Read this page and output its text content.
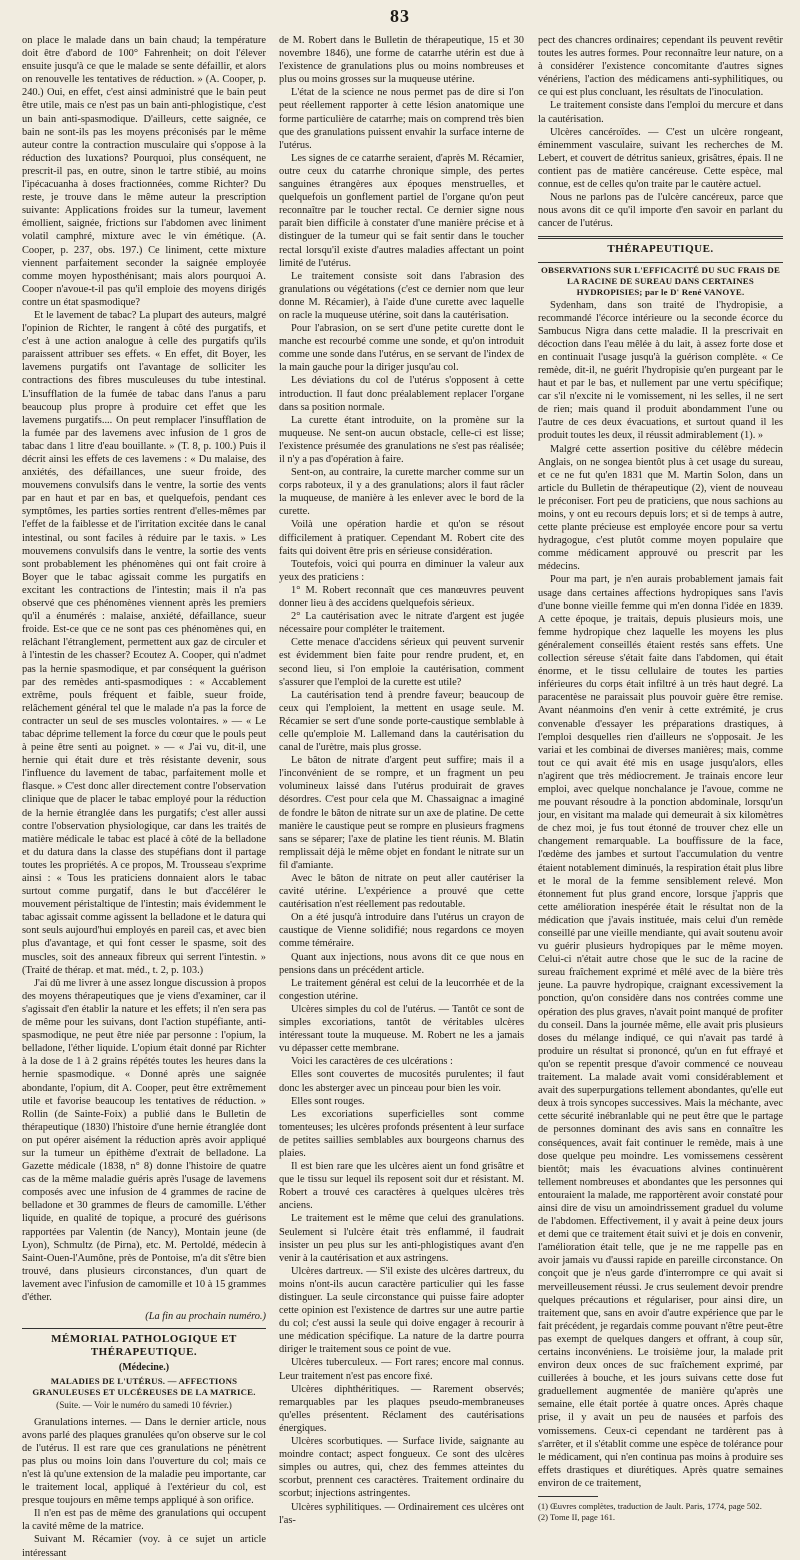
83

on place le malade dans un bain chaud; la température doit être d'abord de 100° Fahrenheit; on doit l'élever ensuite jusqu'à ce que le malade se sente défaillir, et alors on renouvelle les tentatives de réduction. » (A. Cooper, p. 240.) Oui, en effet, c'est ainsi administré que le bain peut être utile, mais ce n'est pas un bain anti-phlogistique, c'est un bain anti-spasmodique. D'ailleurs, cette saignée, ce bain ne sont-ils pas les moyens préconisés par le même auteur contre la contraction musculaire qui s'oppose à la réduction des luxations? Pourquoi, plus conséquent, ne prescrit-il pas, en outre, sinon le tartre stibié, au moins l'ipécacuanha à doses fractionnées, comme Richter? Du reste, je trouve dans le même auteur la prescription suivante: Applications froides sur la tumeur, lavement émollient, saignée, frictions sur l'abdomen avec liniment volatil camphré, mixture avec le vin émétique. (A. Cooper, p. 237, obs. 197.) Ce liniment, cette mixture viennent parfaitement seconder la saignée employée comme moyen hyposthénisant; mais alors pourquoi A. Cooper n'avoue-t-il pas qu'il emploie des moyens dirigés contre un état spasmodique?

Et le lavement de tabac? La plupart des auteurs, malgré l'opinion de Richter, le rangent à côté des purgatifs, et c'est à une action analogue à celle des purgatifs qu'ils paraissent attribuer ses effets. « En effet, dit Boyer, les lavemens purgatifs ont l'avantage de solliciter les contractions des fibres musculeuses du tube intestinal. L'insufflation de la fumée de tabac dans l'anus a paru beaucoup plus propre à produire cet effet que les lavemens purgatifs.... On peut remplacer l'insufflation de la fumée par des lavemens avec infusion de 1 gros de tabac dans 1 litre d'eau bouillante. » (T. 8, p. 100.) Puis il décrit ainsi les effets de ces lavemens : « Du malaise, des anxiétés, des défaillances, une sueur froide, des mouvemens convulsifs dans le ventre, la sortie des vents par en haut et par en bas, et quelquefois, pendant ces symptômes, les parties sorties rentrent d'elles-mêmes par l'effet de la faiblesse et de l'irritation excitée dans le canal intestinal, ou sont faciles à réduire par le taxis. » Les mouvemens convulsifs dans le ventre, la sortie des vents sont probablement les phénomènes qui ont fait croire à Boyer que le tabac agissait comme les purgatifs en excitant les contractions de l'intestin; mais il n'a pas observé que ces phénomènes viennent après les premiers qu'il a énumérés : malaise, anxiété, défaillance, sueur froide. Est-ce que ce ne sont pas ces phénomènes qui, en relâchant l'étranglement, permettent aux gaz de circuler et à l'intestin de les chasser? Ecoutez A. Cooper, qui n'admet pas la hernie spasmodique, et par conséquent la guérison par des remèdes anti-spasmodiques : « Accablement extrême, pouls fréquent et faible, sueur froide, relâchement général tel que le malade n'a pas la force de contracter un seul de ses muscles volontaires. » — « Le tabac déprime tellement la force du cœur que le pouls peut à peine être senti au poignet. » — « J'ai vu, dit-il, une hernie qui était dure et très résistante devenir, sous l'influence du lavement de tabac, parfaitement molle et flasque. » C'est donc aller directement contre l'observation clinique que de placer le tabac employé pour la réduction de la hernie étranglée dans les purgatifs; c'est aller aussi contre l'observation physiologique, car dans les traités de matière médicale le tabac est placé à côté de la belladone et du datura dans la classe des stupéfians dont il partage toutes les propriétés. A ce propos, M. Trousseau s'exprime ainsi : « Tous les praticiens donnaient alors le tabac surtout comme purgatif, dans le but d'accélérer le mouvement péristaltique de l'intestin; mais évidemment le tabac agissait comme agissent la belladone et le datura qui sont seuls aujourd'hui employés en pareil cas, et avec bien plus d'avantage, et qui font cesser le spasme, soit des muscles, soit des anneaux fibreux qui serrent l'intestin. » (Traité de thérap. et mat. méd., t. 2, p. 103.)

J'ai dû me livrer à une assez longue discussion à propos des moyens thérapeutiques que je viens d'examiner, car il s'agissait d'en établir la nature et les effets; il n'en sera pas de même pour les suivans, dont l'action stupéfiante, anti-spasmodique, ne peut être niée par personne : l'opium, la belladone, l'éther liquide. L'opium était donné par Richter à la dose de 1 à 2 grains répétés toutes les heures dans la hernie spasmodique. « Donné après une saignée abondante, l'opium, dit A. Cooper, peut être extrêmement utile et favorise beaucoup les tentatives de réduction. » Rollin (de Sainte-Foix) a publié dans le Bulletin de thérapeutique (1830) l'histoire d'une hernie étranglée dont on put opérer aisément la réduction après avoir appliqué sur la tumeur un épithème d'extrait de belladone. La Gazette médicale (1838, n° 8) donne l'histoire de quatre cas de la même maladie guéris après l'usage de lavemens composés avec une infusion de 4 grammes de racine de belladone et 30 grammes de fleurs de camomille. L'éther liquide, en qualité de topique, a procuré des guérisons rapportées par Valentin (de Nancy), Montain jeune (de Lyon), Schmultz (de Pirna), etc. M. Pertoldé, médecin à Saint-Ouen-l'Aumône, près de Pontoise, m'a dit s'être bien trouvé, dans plusieurs circonstances, d'un quart de lavement avec l'infusion de camomille et 10 à 15 grammes d'éther.

(La fin au prochain numéro.)
MÉMORIAL PATHOLOGIQUE ET THÉRAPEUTIQUE.
(Médecine.)
MALADIES DE L'UTÉRUS. — AFFECTIONS GRANULEUSES ET ULCÉREUSES DE LA MATRICE.
(Suite. — Voir le numéro du samedi 10 février.)

Granulations internes. — Dans le dernier article, nous avons parlé des plaques granulées qu'on observe sur le col de l'utérus. Il est rare que ces granulations ne pénètrent pas plus ou moins loin dans l'ouverture du col; mais ce n'est là qu'une extension de la maladie peu importante, car le traitement local, appliqué à l'extérieur du col, est presque toujours en même temps appliqué à son orifice.

Il n'en est pas de même des granulations qui occupent la cavité même de la matrice.

Suivant M. Récamier (voy. à ce sujet un article intéressant

de M. Robert dans le Bulletin de thérapeutique, 15 et 30 novembre 1846), une forme de catarrhe utérin est due à l'existence de granulations plus ou moins nombreuses et plus ou moins grosses sur la muqueuse utérine.

L'état de la science ne nous permet pas de dire si l'on peut réellement rapporter à cette lésion anatomique une forme particulière de catarrhe; mais on comprend très bien que des granulations puissent envahir la surface interne de l'utérus.

Les signes de ce catarrhe seraient, d'après M. Récamier, outre ceux du catarrhe chronique simple, des pertes sanguines étrangères aux époques menstruelles, et quelquefois un gonflement partiel de l'organe qu'on peut reconnaître par le toucher rectal. Ce dernier signe nous paraît bien difficile à constater d'une manière précise et à distinguer de la tumeur qui se fait sentir dans le toucher rectal lorsqu'il existe d'autres maladies affectant un point limité de l'utérus.

Le traitement consiste soit dans l'abrasion des granulations ou végétations (c'est ce dernier nom que leur donne M. Récamier), à l'aide d'une curette avec laquelle on racle la muqueuse utérine, soit dans la cautérisation.

Pour l'abrasion, on se sert d'une petite curette dont le manche est recourbé comme une sonde, et qu'on introduit comme une sonde dans l'utérus, en se servant de l'index de la main gauche pour la diriger jusqu'au col.

Les déviations du col de l'utérus s'opposent à cette introduction. Il faut donc préalablement replacer l'organe dans sa position normale.

La curette étant introduite, on la promène sur la muqueuse. Ne sent-on aucun obstacle, celle-ci est lisse; l'existence présumée des granulations ne s'est pas réalisée; il n'y a pas d'opération à faire.

Sent-on, au contraire, la curette marcher comme sur un corps raboteux, il y a des granulations; alors il faut râcler la muqueuse, de manière à les enlever avec le bord de la curette.

Voilà une opération hardie et qu'on se résout difficilement à pratiquer. Cependant M. Robert cite des faits qui doivent être pris en sérieuse considération.

Toutefois, voici qui pourra en diminuer la valeur aux yeux des praticiens :

1° M. Robert reconnaît que ces manœuvres peuvent donner lieu à des accidens quelquefois sérieux.

2° La cautérisation avec le nitrate d'argent est jugée nécessaire pour compléter le traitement.

Cette menace d'accidens sérieux qui peuvent survenir est évidemment bien faite pour rendre prudent, et, en second lieu, si l'on emploie la cautérisation, comment s'assurer que l'emploi de la curette est utile?

La cautérisation tend à prendre faveur; beaucoup de ceux qui l'emploient, la mettent en usage seule. M. Récamier se sert d'une sonde porte-caustique semblable à celle qu'emploie M. Lallemand dans la cautérisation du canal de l'urètre, mais plus grosse.

Le bâton de nitrate d'argent peut suffire; mais il a l'inconvénient de se rompre, et un fragment un peu volumineux laissé dans l'utérus produirait de graves désordres. C'est pour cela que M. Chassaignac a imaginé de fondre le bâton de nitrate sur un axe de platine. De cette manière le caustique peut se rompre en plusieurs fragmens sans se séparer; l'axe de platine les tient réunis. M. Blatin remplissait déjà le même objet en fondant le nitrate sur un fil d'amiante.

Avec le bâton de nitrate on peut aller cautériser la cavité utérine. L'expérience a prouvé que cette cautérisation n'est réellement pas redoutable.

On a été jusqu'à introduire dans l'utérus un crayon de caustique de Vienne solidifié; nous regardons ce moyen comme téméraire.

Quant aux injections, nous avons dit ce que nous en pensions dans un précédent article.

Le traitement général est celui de la leucorrhée et de la congestion utérine.

Ulcères simples du col de l'utérus. — Tantôt ce sont de simples excoriations, tantôt de véritables ulcères intéressant toute la muqueuse. M. Robert ne les a jamais vu dépasser cette membrane.

Voici les caractères de ces ulcérations :

Elles sont couvertes de mucosités purulentes; il faut donc les absterger avec un pinceau pour bien les voir.

Elles sont rouges.

Les excoriations superficielles sont comme tomenteuses; les ulcères profonds présentent à leur surface de petites saillies semblables aux bourgeons charnus des plaies.

Il est bien rare que les ulcères aient un fond grisâtre et que le tissu sur lequel ils reposent soit dur et résistant. M. Robert a trouvé ces caractères à quelques ulcères très anciens.

Le traitement est le même que celui des granulations. Seulement si l'ulcère était très enflammé, il faudrait insister un peu plus sur les anti-phlogistiques avant d'en venir à la cautérisation et aux astringens.

Ulcères dartreux. — S'il existe des ulcères dartreux, du moins n'ont-ils aucun caractère particulier qui les fasse distinguer. La seule circonstance qui puisse faire adopter cette opinion est l'existence de dartres sur une autre partie du col; c'est aussi la seule qui doive engager à recourir à une médication spécifique. La nature de la dartre pourra diriger le traitement sous ce point de vue.

Ulcères tuberculeux. — Fort rares; encore mal connus. Leur traitement n'est pas encore fixé.

Ulcères diphthéritiques. — Rarement observés; remarquables par les plaques pseudo-membraneuses qu'elles présentent. Réclament des cautérisations énergiques.

Ulcères scorbutiques. — Surface livide, saignante au moindre contact; aspect fongueux. Ce sont des ulcères simples ou autres, qui, chez des femmes atteintes du scorbut, prennent ces caractères. Traitement ordinaire du scorbut; injections astringentes.

Ulcères syphilitiques. — Ordinairement ces ulcères ont l'as-

pect des chancres ordinaires; cependant ils peuvent revêtir toutes les autres formes. Pour reconnaître leur nature, on a à considérer l'existence concomitante d'autres signes vénériens, l'action des médicamens anti-syphilitiques, ou ce qui est plus concluant, les résultats de l'inoculation.

Le traitement consiste dans l'emploi du mercure et dans la cautérisation.

Ulcères cancéroïdes. — C'est un ulcère rongeant, éminemment vasculaire, suivant les recherches de M. Lebert, et couvert de détritus sanieux, grisâtres, épais. Il ne contient pas de matière cancéreuse. Cette espèce, mal connue, est de celles qu'on traite par le cautère actuel.

Nous ne parlons pas de l'ulcère cancéreux, parce que nous avons dit ce qu'il importe d'en savoir en parlant du cancer de l'utérus.

THÉRAPEUTIQUE.
OBSERVATIONS SUR L'EFFICACITÉ DU SUC FRAIS DE LA RACINE DE SUREAU DANS CERTAINES HYDROPISIES; par le D' René VANOYE.

Sydenham, dans son traité de l'hydropisie, a recommandé l'écorce intérieure ou la seconde écorce du Sambucus Nigra dans cette maladie. Il la prescrivait en décoction dans l'eau mêlée à du lait, à assez forte dose et en continuait l'usage jusqu'à la guérison complète. « Ce remède, dit-il, ne guérit l'hydropisie qu'en purgeant par le haut et par le bas, et nullement par une vertu spécifique; car s'il n'excite ni le vomissement, ni les selles, il ne sert de rien; mais quand il produit abondamment l'une ou l'autre de ces deux évacuations, et surtout quand il les produit toutes les deux, il réussit admirablement (1). »

Malgré cette assertion positive du célèbre médecin Anglais, on ne songea bientôt plus à cet usage du sureau, et ce ne fut qu'en 1831 que M. Martin Solon, dans un article du Bulletin de thérapeutique (2), vient de nouveau le préconiser. Fort peu de praticiens, que nous sachions au moins, y ont eu recours depuis lors; et si de temps à autre, cette plante précieuse est employée encore pour sa vertu hydragogue, c'est plutôt comme moyen populaire que comme médicament approuvé ou prescrit par les médecins.

Pour ma part, je n'en aurais probablement jamais fait usage dans certaines affections hydropiques sans l'avis d'une bonne vieille femme qui m'en donna l'idée en 1839. A cette époque, je traitais, depuis plusieurs mois, une femme hydropique chez laquelle les moyens les plus généralement conseillés étaient restés sans effets. Une collection séreuse s'était faite dans l'abdomen, qui était énorme, et le tissu cellulaire de toutes les parties inférieures du corps était infiltré à un très haut degré. La paracentèse ne paraissait plus pouvoir guère être remise. Avant néanmoins d'en venir à cette extrémité, je crus convenable d'essayer les préparations drastiques, à l'emploi desquelles rien d'ailleurs ne s'opposait. Je les variai et les combinai de diverses manières; mais, comme tout ce qui avait été mis en usage jusqu'alors, elles n'agirent que très médiocrement. Je trainais encore leur emploi, avec quelque nonchalance je l'avoue, comme ne me pouvant résoudre à la ponction abdominale, lorsqu'un jour, en visitant ma malade qui demeurait à six kilomètres de chez moi, je fus tout étonné de trouver chez elle un changement remarquable. La bouffissure de la face, l'œdème des jambes et surtout l'accumulation du ventre étaient notablement diminués, la respiration était plus libre et le moral de la femme sensiblement relevé. Mon étonnement fut plus grand encore, lorsque j'appris que cette amélioration inespérée était le résultat non de la médication que j'avais instituée, mais celui d'un remède conseillé par une vieille mendiante, qui avait soutenu avoir vu guérir plusieurs hydropiques par le même moyen. Celui-ci n'était autre chose que le suc de la racine de sureau fraîchement exprimé et mêlé avec de la bière très jeune. La pauvre hydropique, craignant excessivement la ponction, qu'on considère dans nos contrées comme une opération des plus graves, n'avait point manqué de profiter du conseil. Dans la journée même, elle avait pris plusieurs doses du mélange indiqué, ce qui n'avait pas tardé à produire un résultat si prononcé, qu'un en fut effrayé et qu'on se repentit presque d'avoir commencé ce nouveau traitement. La malade avait vomi considérablement et avait des superpurgations tellement abondantes, qu'elle eut deux à trois syncopes successives. Mais la méchante, avec cette sécurité inébranlable qui ne peut être que le partage de personnes dominant des avis sans en connaître les conséquences, avait fait continuer le remède, mais à une dose quelque peu moindre. Les vomissemens cessèrent bientôt; mais les évacuations alvines continuèrent tellement nombreuses et abondantes que les personnes qui entouraient la malade, me rapportèrent avoir constaté pour ainsi dire de visu un amoindrissement graduel du volume de l'abdomen. Effectivement, il y avait à peine deux jours et demi que ce traitement était suivi et je dois en convenir, l'amélioration était telle, que je ne me rappelle pas en avoir jamais vu d'aussi rapide en pareille circonstance. On conçoit que je n'eus garde d'interrompre ce qui avait si merveilleusement réussi. Je crus seulement devoir prendre quelques précautions et régulariser, pour ainsi dire, un traitement que, sans en avoir d'autre expérience que par le fait précédent, je regardais comme pouvant n'être peut-être pas exempt de quelques dangers et offrant, à coup sûr, certains inconvéniens. Le troisième jour, la malade prit environ deux onces de suc fraîchement exprimé, par cuillerées à bouche, et les jours suivans cette dose fut graduellement augmentée de manière qu'après une semaine, elle était portée à quatre onces. Après chaque prise, il y avait un peu de nausées et parfois des vomissemens. Ceux-ci cependant ne tardèrent pas à s'arrêter, et il s'établit comme une espèce de tolérance pour le médicament, qui n'en continua pas moins à produire ses effets drastiques et diurétiques. Après quatre semaines environ de ce traitement,

(1) Œuvres complètes, traduction de Jault. Paris, 1774, page 502.

(2) Tome II, page 161.
